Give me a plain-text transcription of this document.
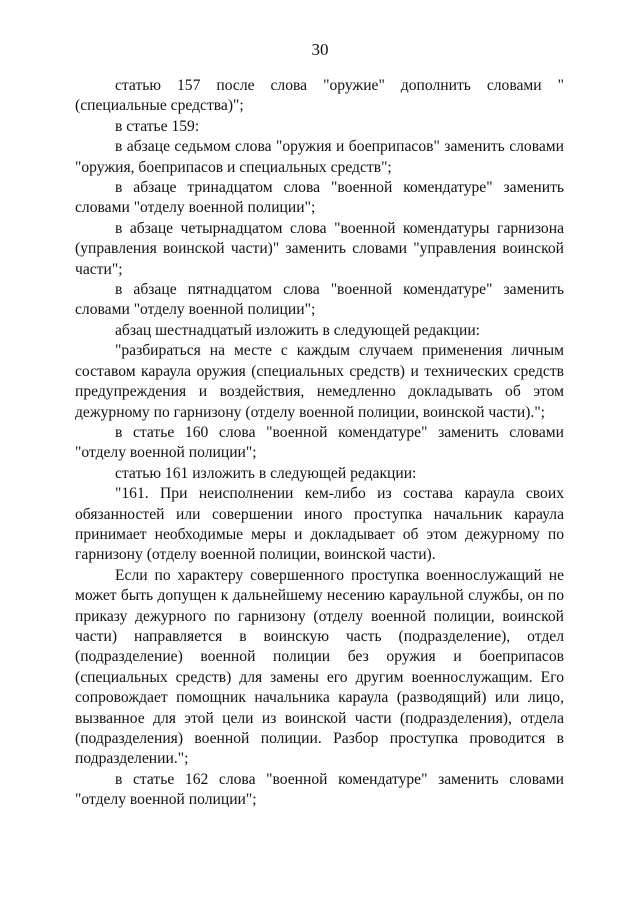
30

статью 157 после слова "оружие" дополнить словами "(специальные средства)";

в статье 159:

в абзаце седьмом слова "оружия и боеприпасов" заменить словами "оружия, боеприпасов и специальных средств";

в абзаце тринадцатом слова "военной комендатуре" заменить словами "отделу военной полиции";

в абзаце четырнадцатом слова "военной комендатуры гарнизона (управления воинской части)" заменить словами "управления воинской части";

в абзаце пятнадцатом слова "военной комендатуре" заменить словами "отделу военной полиции";

абзац шестнадцатый изложить в следующей редакции:

"разбираться на месте с каждым случаем применения личным составом караула оружия (специальных средств) и технических средств предупреждения и воздействия, немедленно докладывать об этом дежурному по гарнизону (отделу военной полиции, воинской части).";

в статье 160 слова "военной комендатуре" заменить словами "отделу военной полиции";

статью 161 изложить в следующей редакции:

"161. При неисполнении кем-либо из состава караула своих обязанностей или совершении иного проступка начальник караула принимает необходимые меры и докладывает об этом дежурному по гарнизону (отделу военной полиции, воинской части).

Если по характеру совершенного проступка военнослужащий не может быть допущен к дальнейшему несению караульной службы, он по приказу дежурного по гарнизону (отделу военной полиции, воинской части) направляется в воинскую часть (подразделение), отдел (подразделение) военной полиции без оружия и боеприпасов (специальных средств) для замены его другим военнослужащим. Его сопровождает помощник начальника караула (разводящий) или лицо, вызванное для этой цели из воинской части (подразделения), отдела (подразделения) военной полиции. Разбор проступка проводится в подразделении.";

в статье 162 слова "военной комендатуре" заменить словами "отделу военной полиции";
